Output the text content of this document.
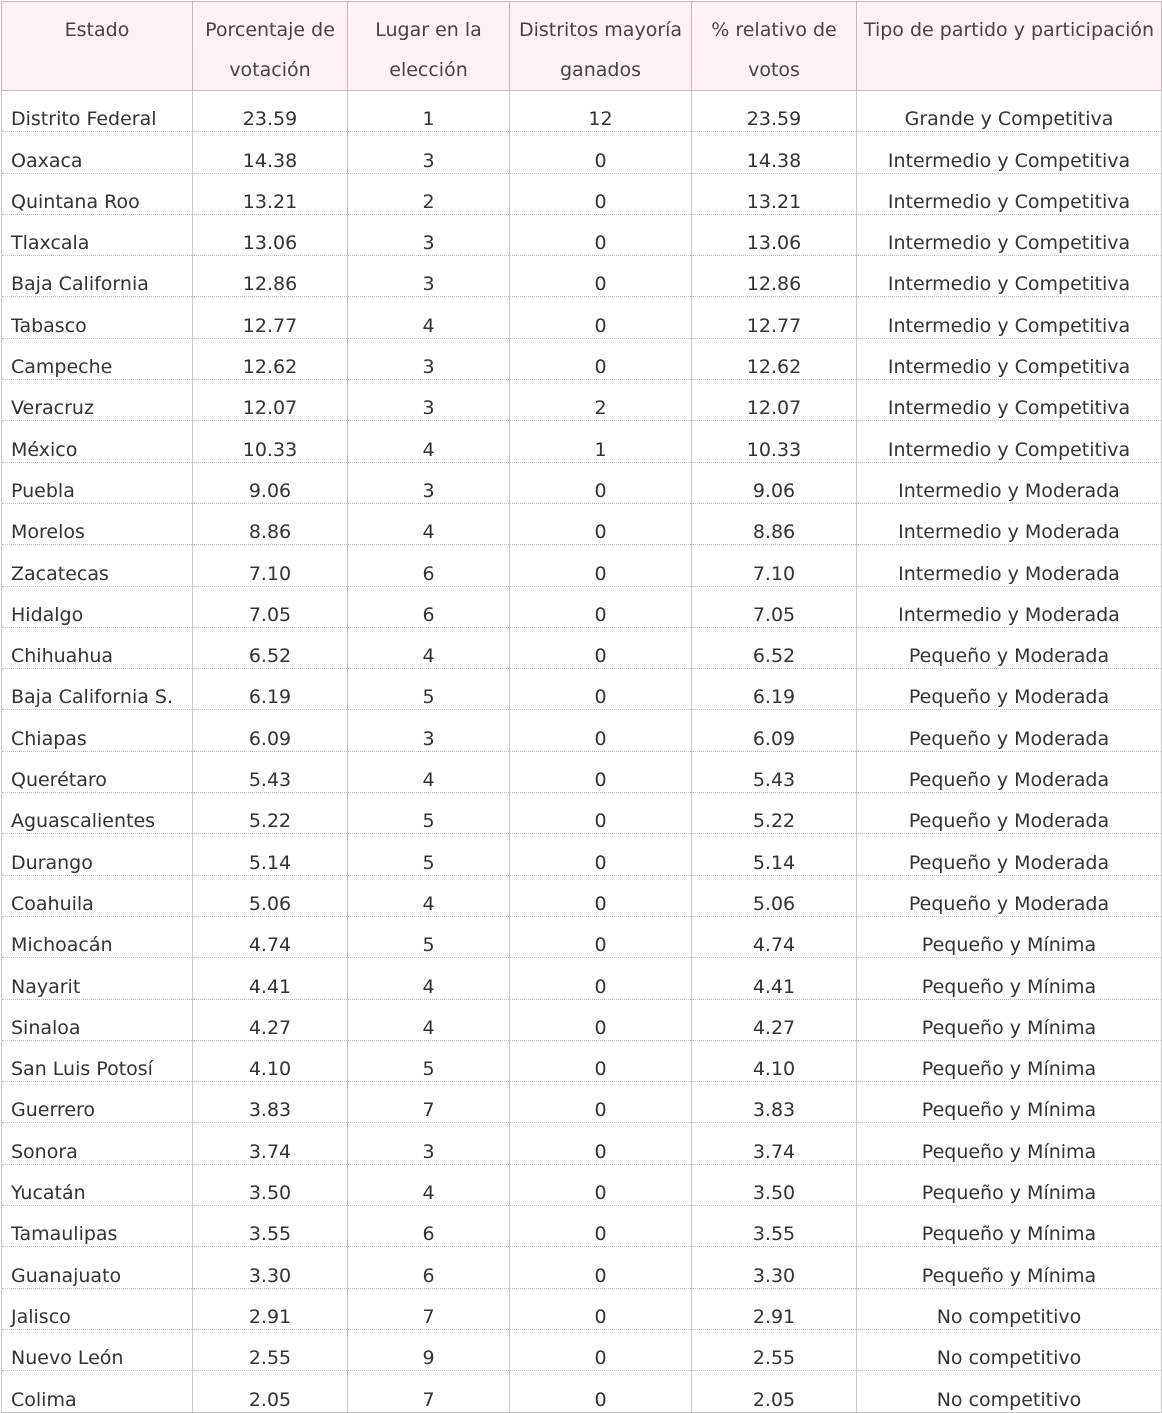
Estado	Porcentaje de votación	Lugar en la elección	Distritos mayoría ganados	% relativo de votos	Tipo de partido y participación
Distrito Federal	23.59	1	12	23.59	Grande y Competitiva
Oaxaca	14.38	3	0	14.38	Intermedio y Competitiva
Quintana Roo	13.21	2	0	13.21	Intermedio y Competitiva
Tlaxcala	13.06	3	0	13.06	Intermedio y Competitiva
Baja California	12.86	3	0	12.86	Intermedio y Competitiva
Tabasco	12.77	4	0	12.77	Intermedio y Competitiva
Campeche	12.62	3	0	12.62	Intermedio y Competitiva
Veracruz	12.07	3	2	12.07	Intermedio y Competitiva
México	10.33	4	1	10.33	Intermedio y Competitiva
Puebla	9.06	3	0	9.06	Intermedio y Moderada
Morelos	8.86	4	0	8.86	Intermedio y Moderada
Zacatecas	7.10	6	0	7.10	Intermedio y Moderada
Hidalgo	7.05	6	0	7.05	Intermedio y Moderada
Chihuahua	6.52	4	0	6.52	Pequeño y Moderada
Baja California S.	6.19	5	0	6.19	Pequeño y Moderada
Chiapas	6.09	3	0	6.09	Pequeño y Moderada
Querétaro	5.43	4	0	5.43	Pequeño y Moderada
Aguascalientes	5.22	5	0	5.22	Pequeño y Moderada
Durango	5.14	5	0	5.14	Pequeño y Moderada
Coahuila	5.06	4	0	5.06	Pequeño y Moderada
Michoacán	4.74	5	0	4.74	Pequeño y Mínima
Nayarit	4.41	4	0	4.41	Pequeño y Mínima
Sinaloa	4.27	4	0	4.27	Pequeño y Mínima
San Luis Potosí	4.10	5	0	4.10	Pequeño y Mínima
Guerrero	3.83	7	0	3.83	Pequeño y Mínima
Sonora	3.74	3	0	3.74	Pequeño y Mínima
Yucatán	3.50	4	0	3.50	Pequeño y Mínima
Tamaulipas	3.55	6	0	3.55	Pequeño y Mínima
Guanajuato	3.30	6	0	3.30	Pequeño y Mínima
Jalisco	2.91	7	0	2.91	No competitivo
Nuevo León	2.55	9	0	2.55	No competitivo
Colima	2.05	7	0	2.05	No competitivo
